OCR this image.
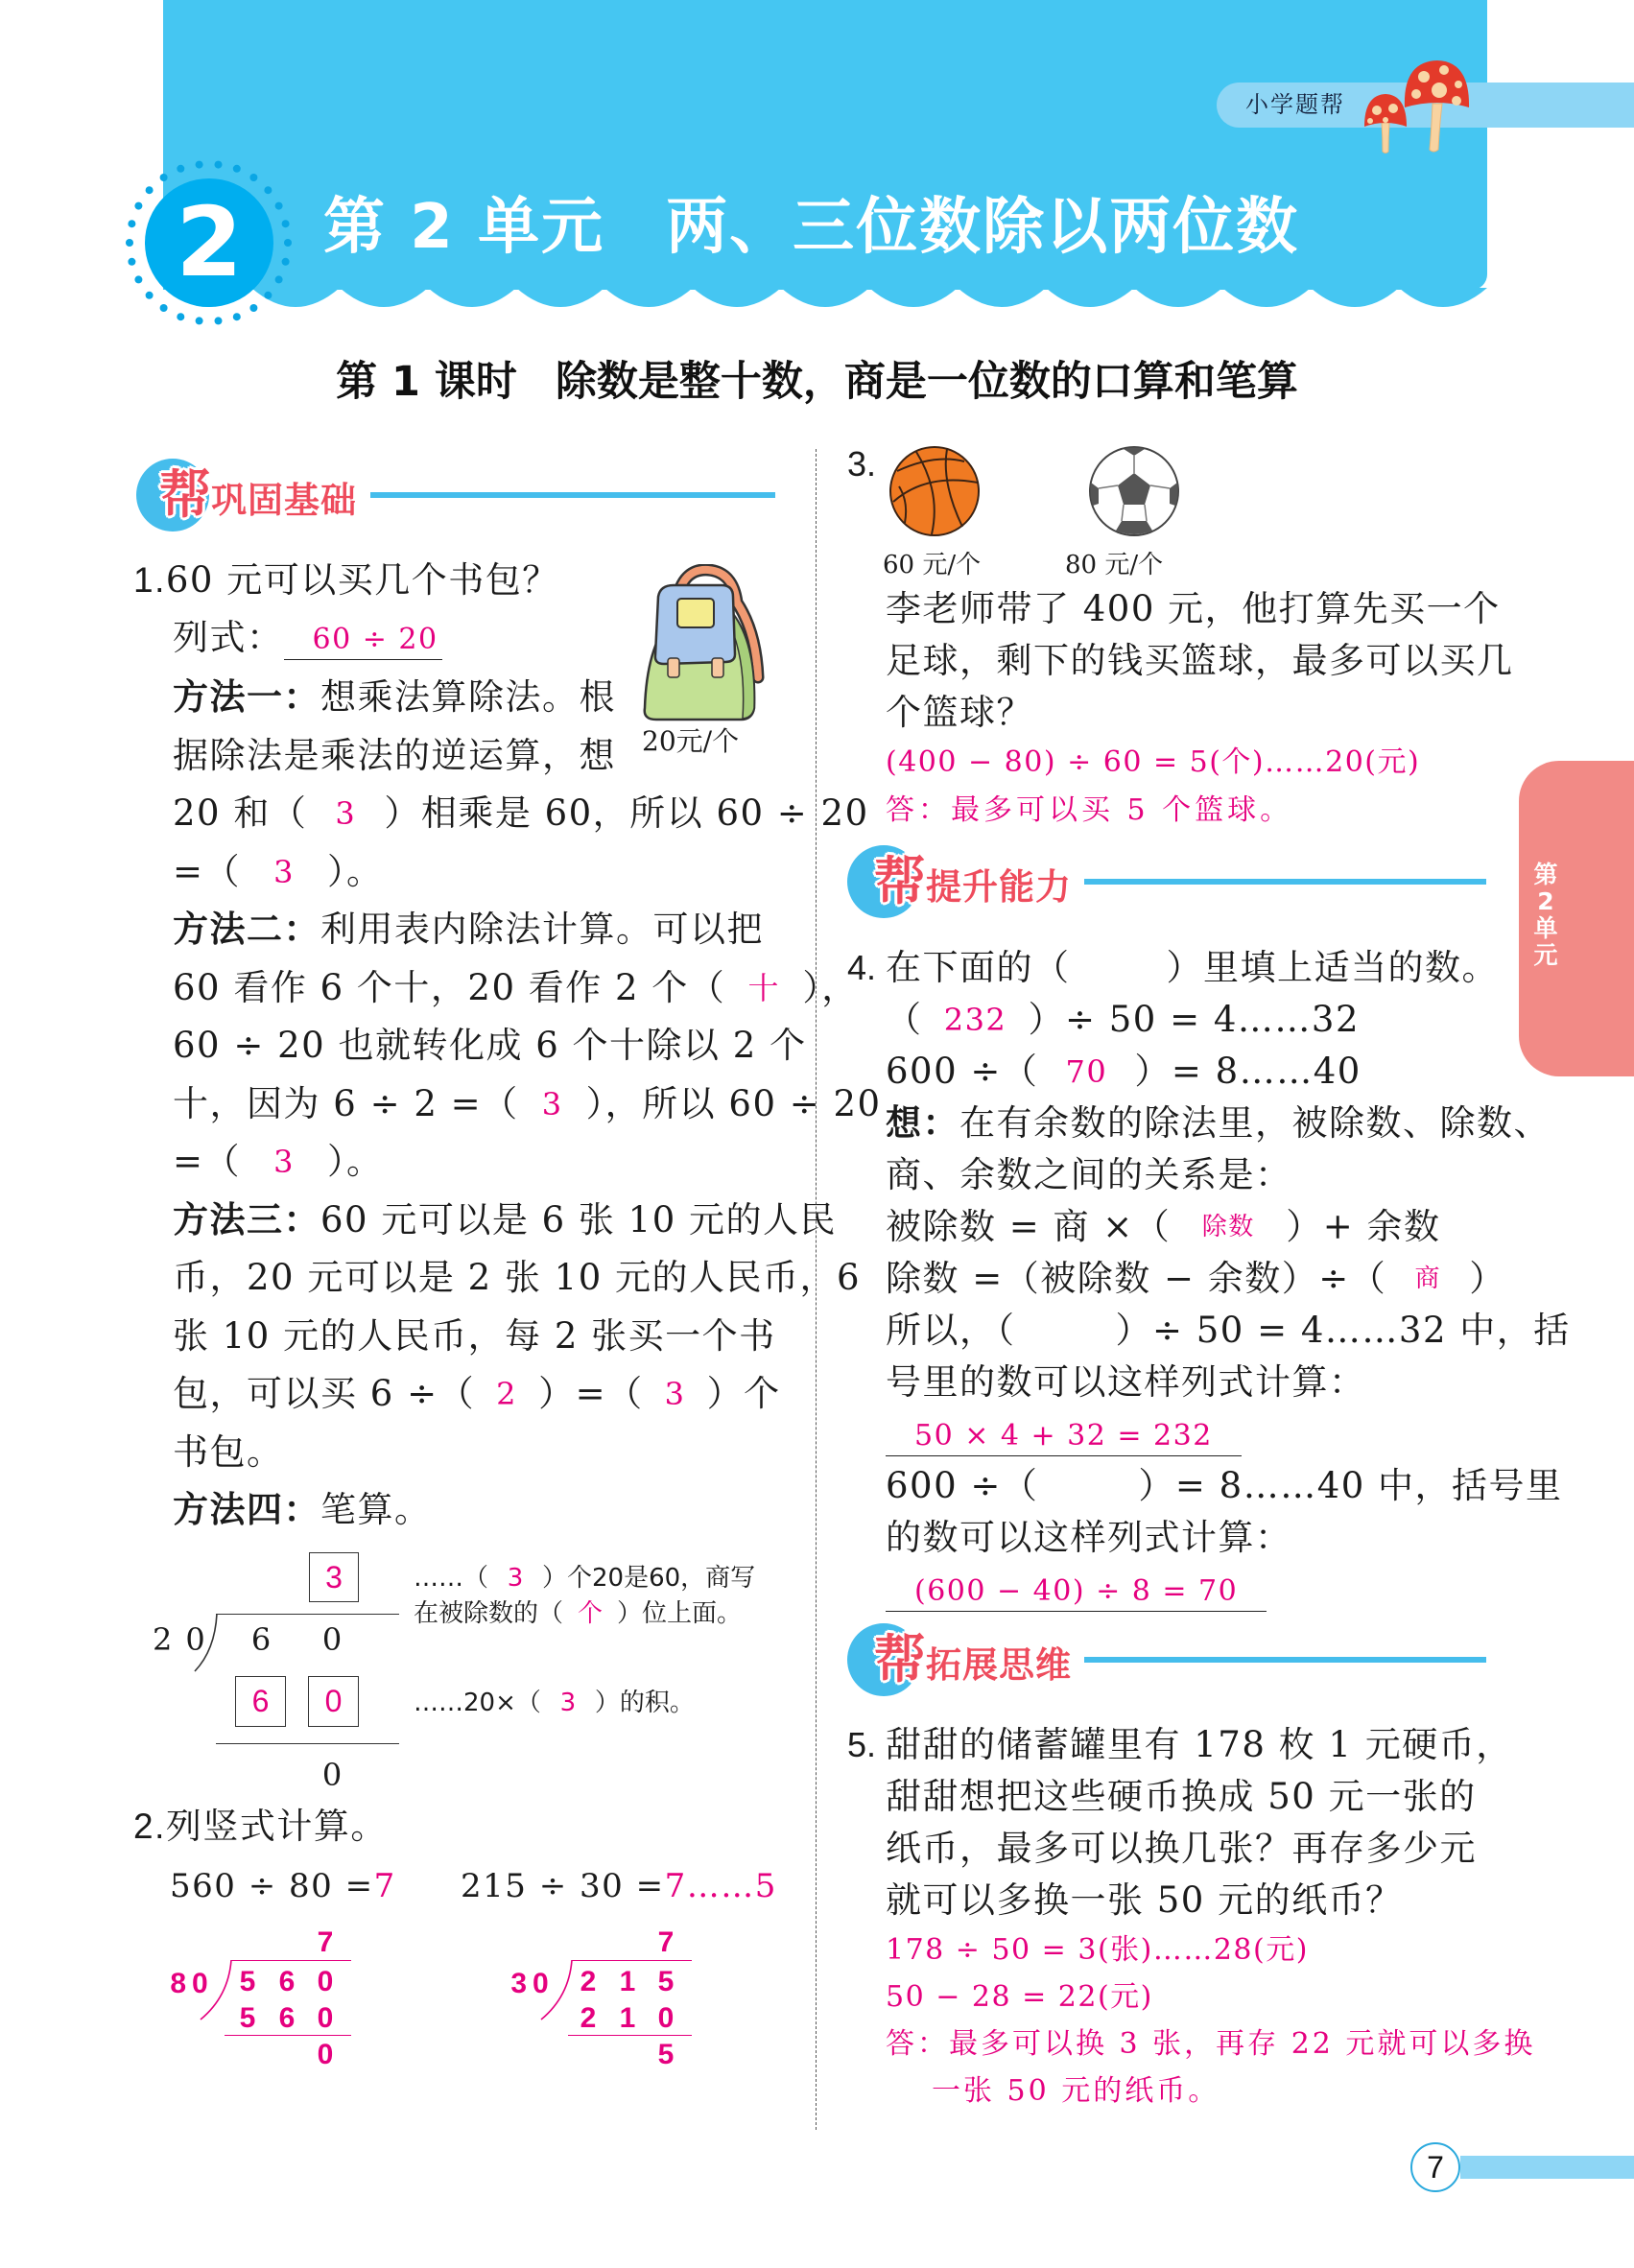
2	第 2 单元 两、三位数除以两位数
小学题帮
第 1 课时 除数是整十数，商是一位数的口算和笔算
帮巩固基础
1.60 元可以买几个书包？
20元/个
列式： 60 ÷ 20
方法一：想乘法算除法。根
据除法是乘法的逆运算，想
20 和（ 3 ）相乘是 60，所以 60 ÷ 20
=（ 3 ）。
方法二：利用表内除法计算。可以把
60 看作 6 个十，20 看作 2 个（ 十 ），
60 ÷ 20 也就转化成 6 个十除以 2 个
十，因为 6 ÷ 2 =（ 3 ），所以 60 ÷ 20
=（ 3 ）。
方法三：60 元可以是 6 张 10 元的人民
币，20 元可以是 2 张 10 元的人民币，6
张 10 元的人民币，每 2 张买一个书
包，可以买 6 ÷（ 2 ）=（ 3 ）个
书包。
方法四：笔算。
3
20	6	0
6	0
0
……（ 3 ）个20是60，商写
在被除数的（ 个 ）位上面。
……20×（ 3 ）的积。
2.列竖式计算。
560 ÷ 80 =7 215 ÷ 30 =7……5
7
80 5 6 0
5 6 0
0
7
30 2 1 5
2 1 0
5
3.
60 元/个	80 元/个
李老师带了 400 元，他打算先买一个
足球，剩下的钱买篮球，最多可以买几
个篮球？
(400 − 80) ÷ 60 = 5(个)……20(元)
答：最多可以买 5 个篮球。
帮提升能力
4. 在下面的（	）里填上适当的数。
（ 232 ）÷ 50 = 4……32
600 ÷（ 70 ）= 8……40
想：在有余数的除法里，被除数、除数、
商、余数之间的关系是：
被除数 = 商 ×（ 除数 ）+ 余数
除数 =（被除数 − 余数）÷（ 商 ）
所以，（	）÷ 50 = 4……32 中，括
号里的数可以这样列式计算：
50 × 4 + 32 = 232
600 ÷（	）= 8……40 中，括号里
的数可以这样列式计算：
(600 − 40) ÷ 8 = 70
帮拓展思维
5. 甜甜的储蓄罐里有 178 枚 1 元硬币，
甜甜想把这些硬币换成 50 元一张的
纸币，最多可以换几张？再存多少元
就可以多换一张 50 元的纸币？
178 ÷ 50 = 3(张)……28(元)
50 − 28 = 22(元)
答：最多可以换 3 张，再存 22 元就可以多换
一张 50 元的纸币。
第
2
单
元
7
